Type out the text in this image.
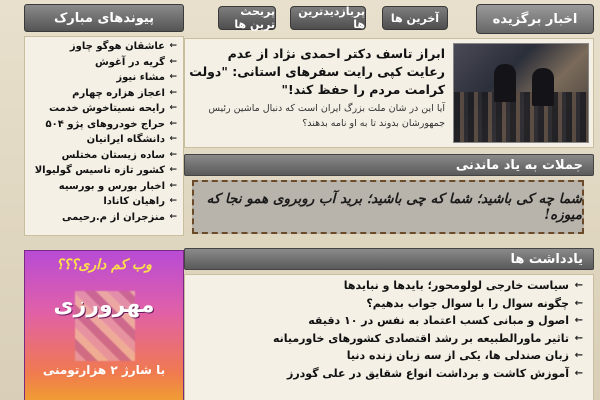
اخبار برگزیده
آخرین ها
پربازدیدترین ها
پربحث ترین ها
ابراز تاسف دکتر احمدی نژاد از عدم رعایت کپی رایت سفرهای استانی: "دولت کرامت مردم را حفظ کند!"
آیا این در شان ملت بزرگ ایران است که دنبال ماشین رئیس جمهورشان بدوند تا به او نامه بدهند؟
جملات به یاد ماندنی
شما چه کی باشید؛ شما که چی باشید؛ برید آب روبروی همو نجا که میوزه!
یادداشت ها
← سیاست خارجی لولومحور؛ بایدها و نبایدها
← چگونه سوال را با سوال جواب بدهیم؟
← اصول و مبانی کسب اعتماد به نفس در ۱۰ دقیقه
← تاثیر ماورالطبیعه بر رشد اقتصادی کشورهای خاورمیانه
← زبان صندلی ها، یکی از سه زبان زنده دنیا
← آموزش کاشت و برداشت انواع شقایق در علی گودرز
پیوندهای مبارک
← عاشقان هوگو چاوز
← گریه در آغوش
← مشاء نیوز
← اعجاز هزاره چهارم
← رایحه نسیتاخوش خدمت
← حراج خودروهای پژو ۵۰۴
← دانشگاه ایرانیان
← ساده زیستان مختلس
← کشور تازه تاسیس گولیوالا
← اخبار بورس و بورسیه
← راهیان کانادا
← منزجران از م.رحیمی
وب کم داری؟؟؟
مهرورزی
با شارژ ۲ هزارتومنی
